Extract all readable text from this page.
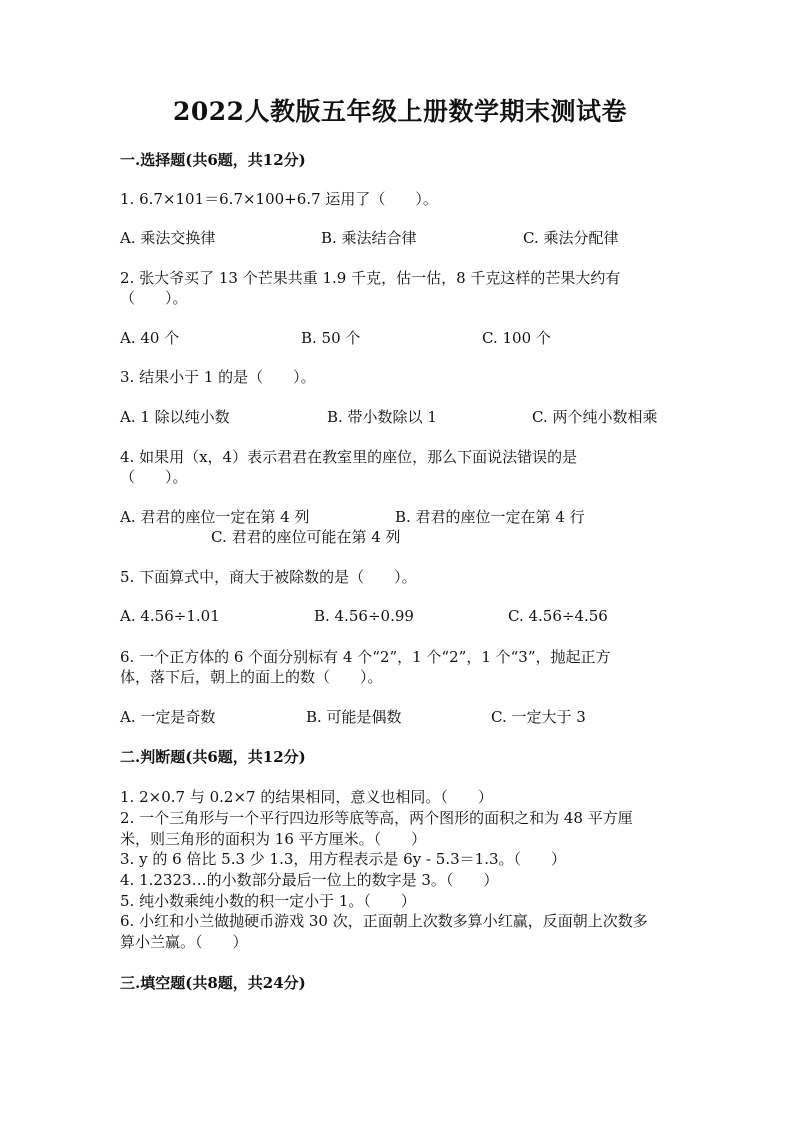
2022人教版五年级上册数学期末测试卷
一.选择题(共6题，共12分)
1. 6.7×101＝6.7×100+6.7 运用了（　　）。
A. 乘法交换律	B. 乘法结合律	C. 乘法分配律
2. 张大爷买了 13 个芒果共重 1.9 千克，估一估，8 千克这样的芒果大约有
（　　）。
A. 40 个	B. 50 个	C. 100 个
3. 结果小于 1 的是（　　）。
A. 1 除以纯小数	B. 带小数除以 1	C. 两个纯小数相乘
4. 如果用（x，4）表示君君在教室里的座位，那么下面说法错误的是
（　　）。
A. 君君的座位一定在第 4 列	B. 君君的座位一定在第 4 行
C. 君君的座位可能在第 4 列
5. 下面算式中，商大于被除数的是（　　）。
A. 4.56÷1.01	B. 4.56÷0.99	C. 4.56÷4.56
6. 一个正方体的 6 个面分别标有 4 个“2”，1 个“2”，1 个“3”，抛起正方
体，落下后，朝上的面上的数（　　）。
A. 一定是奇数	B. 可能是偶数	C. 一定大于 3
二.判断题(共6题，共12分)
1. 2×0.7 与 0.2×7 的结果相同，意义也相同。（　　）
2. 一个三角形与一个平行四边形等底等高，两个图形的面积之和为 48 平方厘
米，则三角形的面积为 16 平方厘米。（　　）
3. y 的 6 倍比 5.3 少 1.3，用方程表示是 6y - 5.3＝1.3。（　　）
4. 1.2323…的小数部分最后一位上的数字是 3。（　　）
5. 纯小数乘纯小数的积一定小于 1。（　　）
6. 小红和小兰做抛硬币游戏 30 次，正面朝上次数多算小红赢，反面朝上次数多
算小兰赢。（　　）
三.填空题(共8题，共24分)
